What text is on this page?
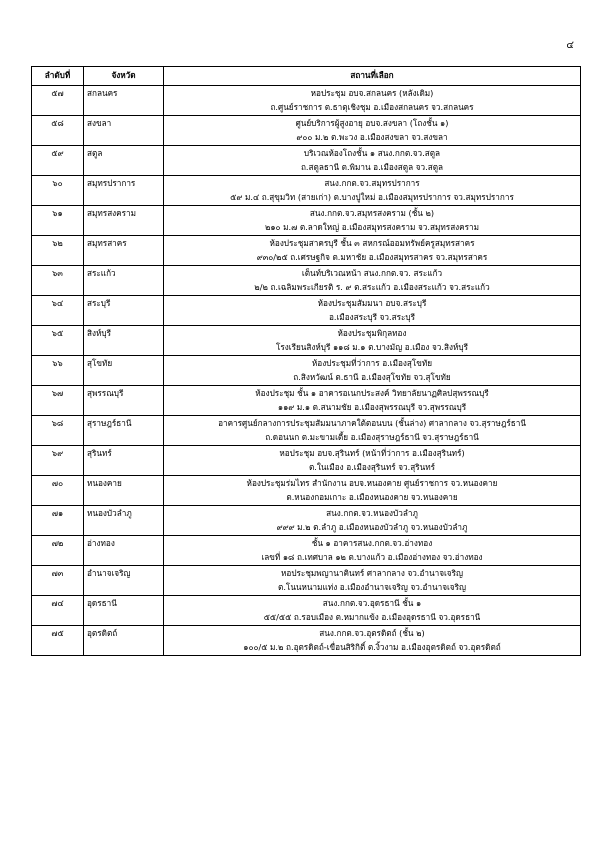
๔
ลำดับที่	จังหวัด	สถานที่เลือก
๕๗	สกลนคร	หอประชุม อบจ.สกลนคร (หลังเดิม)
ถ.ศูนย์ราชการ ต.ธาตุเชิงชุม อ.เมืองสกลนคร จว.สกลนคร

๕๘	สงขลา	ศูนย์บริการผู้สูงอายุ อบจ.สงขลา (โถงชั้น ๑)
๙๐๐ ม.๒ ต.พะวง อ.เมืองสงขลา จว.สงขลา

๕๙	สตูล	บริเวณห้องโถงชั้น ๑ สนง.กกต.จว.สตูล
ถ.สตูลธานี ต.พิมาน อ.เมืองสตูล จว.สตูล

๖๐	สมุทรปราการ	สนง.กกต.จว.สมุทรปราการ
๕๙ ม.๔ ถ.สุขุมวิท (สายเก่า) ต.บางปูใหม่ อ.เมืองสมุทรปราการ จว.สมุทรปราการ

๖๑	สมุทรสงคราม	สนง.กกต.จว.สมุทรสงคราม (ชั้น ๒)
๒๑๐ ม.๗ ต.ลาดใหญ่ อ.เมืองสมุทรสงคราม จว.สมุทรสงคราม

๖๒	สมุทรสาคร	ห้องประชุมสาครบุรี ชั้น ๓ สหกรณ์ออมทรัพย์ครูสมุทรสาคร
๙๓๐/๒๕ ถ.เศรษฐกิจ ต.มหาชัย อ.เมืองสมุทรสาคร จว.สมุทรสาคร

๖๓	สระแก้ว	เต็นท์บริเวณหน้า สนง.กกต.จว. สระแก้ว
๒/๒ ถ.เฉลิมพระเกียรติ ร. ๙ ต.สระแก้ว อ.เมืองสระแก้ว จว.สระแก้ว

๖๔	สระบุรี	ห้องประชุมสัมมนา อบจ.สระบุรี
อ.เมืองสระบุรี จว.สระบุรี

๖๕	สิงห์บุรี	ห้องประชุมพิกุลทอง
โรงเรียนสิงห์บุรี ๑๑๘ ม.๑ ต.บางมัญ อ.เมือง จว.สิงห์บุรี

๖๖	สุโขทัย	ห้องประชุมที่ว่าการ อ.เมืองสุโขทัย
ถ.สิงหวัฒน์ ต.ธานี อ.เมืองสุโขทัย จว.สุโขทัย

๖๗	สุพรรณบุรี	ห้องประชุม ชั้น ๑ อาคารอเนกประสงค์ วิทยาลัยนาฏศิลปสุพรรณบุรี
๑๑๙ ม.๑ ต.สนามชัย อ.เมืองสุพรรณบุรี จว.สุพรรณบุรี

๖๘	สุราษฎร์ธานี	อาคารศูนย์กลางการประชุมสัมมนาภาคใต้ตอนบน (ชั้นล่าง) ศาลากลาง จว.สุราษฎร์ธานี
ถ.ดอนนก ต.มะขามเตี้ย อ.เมืองสุราษฎร์ธานี จว.สุราษฎร์ธานี

๖๙	สุรินทร์	หอประชุม อบจ.สุรินทร์ (หน้าที่ว่าการ อ.เมืองสุรินทร์)
ต.ในเมือง อ.เมืองสุรินทร์ จว.สุรินทร์

๗๐	หนองคาย	ห้องประชุมร่มไทร สำนักงาน อบจ.หนองคาย ศูนย์ราชการ จว.หนองคาย
ต.หนองกอมเกาะ อ.เมืองหนองคาย จว.หนองคาย

๗๑	หนองบัวลำภู	สนง.กกต.จว.หนองบัวลำภู
๙๙๙ ม.๒ ต.ลำภู อ.เมืองหนองบัวลำภู จว.หนองบัวลำภู

๗๒	อ่างทอง	ชั้น ๑ อาคารสนง.กกต.จว.อ่างทอง
เลขที่ ๑๘ ถ.เทศบาล ๑๒ ต.บางแก้ว อ.เมืองอ่างทอง จว.อ่างทอง

๗๓	อำนาจเจริญ	หอประชุมพญานาคินทร์ ศาลากลาง จว.อำนาจเจริญ
ต.โนนหนามแท่ง อ.เมืองอำนาจเจริญ จว.อำนาจเจริญ

๗๔	อุดรธานี	สนง.กกต.จว.อุดรธานี ชั้น ๑
๕๕/๕๕ ถ.รอบเมือง ต.หมากแข้ง อ.เมืองอุดรธานี จว.อุดรธานี

๗๕	อุตรดิตถ์	สนง.กกต.จว.อุตรดิตถ์ (ชั้น ๒)
๑๐๐/๕ ม.๒ ถ.อุตรดิตถ์-เขื่อนสิริกิติ์ ต.งิ้วงาม อ.เมืองอุตรดิตถ์ จว.อุตรดิตถ์
